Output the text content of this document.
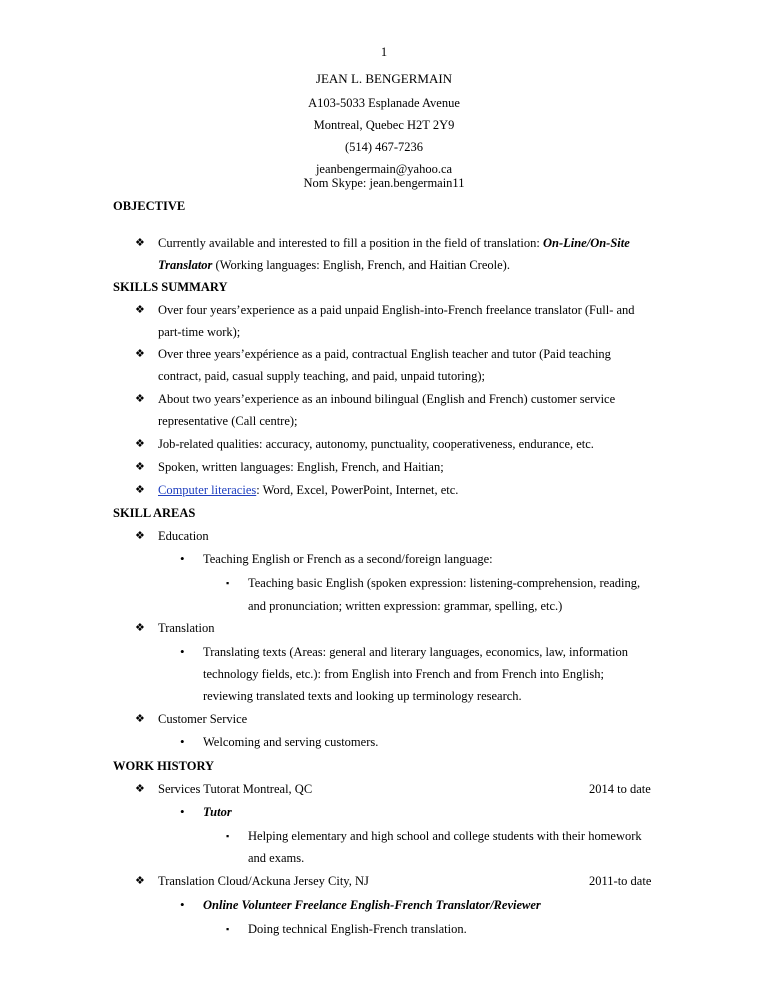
1
JEAN L. BENGERMAIN
A103-5033 Esplanade Avenue
Montreal, Quebec H2T 2Y9
(514) 467-7236
jeanbengermain@yahoo.ca
Nom Skype: jean.bengermain11
OBJECTIVE
❖ Currently available and interested to fill a position in the field of translation: On-Line/On-Site
Translator (Working languages: English, French, and Haitian Creole).
SKILLS SUMMARY
❖ Over four years’experience as a paid unpaid English-into-French freelance translator (Full- and
part-time work);
❖ Over three years’expérience as a paid, contractual English teacher and tutor (Paid teaching
contract, paid, casual supply teaching, and paid, unpaid tutoring);
❖ About two years’experience as an inbound bilingual (English and French) customer service
representative (Call centre);
❖ Job-related qualities: accuracy, autonomy, punctuality, cooperativeness, endurance, etc.
❖ Spoken, written languages: English, French, and Haitian;
❖ Computer literacies: Word, Excel, PowerPoint, Internet, etc.
SKILL AREAS
❖ Education
• Teaching English or French as a second/foreign language:
▪ Teaching basic English (spoken expression: listening-comprehension, reading,
and pronunciation; written expression: grammar, spelling, etc.)
❖ Translation
• Translating texts (Areas: general and literary languages, economics, law, information
technology fields, etc.): from English into French and from French into English;
reviewing translated texts and looking up terminology research.
❖ Customer Service
• Welcoming and serving customers.
WORK HISTORY
❖ Services Tutorat Montreal, QC	2014 to date
• Tutor
▪ Helping elementary and high school and college students with their homework
and exams.
❖ Translation Cloud/Ackuna Jersey City, NJ	2011-to date
• Online Volunteer Freelance English-French Translator/Reviewer
▪ Doing technical English-French translation.
